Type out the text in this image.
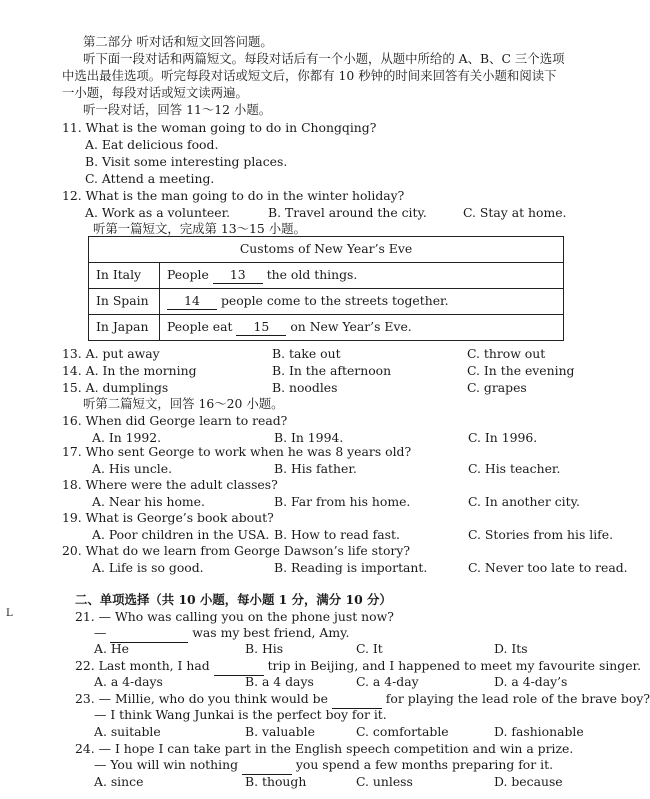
第二部分 听对话和短文回答问题。
听下面一段对话和两篇短文。每段对话后有一个小题，从题中所给的 A、B、C 三个选项
中选出最佳选项。听完每段对话或短文后，你都有 10 秒钟的时间来回答有关小题和阅读下
一小题，每段对话或短文读两遍。
听一段对话，回答 11～12 小题。
11. What is the woman going to do in Chongqing?
A. Eat delicious food.
B. Visit some interesting places.
C. Attend a meeting.
12. What is the man going to do in the winter holiday?
A. Work as a volunteer.	B. Travel around the city.	C. Stay at home.
听第一篇短文，完成第 13～15 小题。
Customs of New Year’s Eve	
In Italy	People 13 the old things.
In Spain	14 people come to the streets together.
In Japan	People eat 15 on New Year’s Eve.
13. A. put away	B. take out	C. throw out
14. A. In the morning	B. In the afternoon	C. In the evening
15. A. dumplings	B. noodles	C. grapes
听第二篇短文，回答 16～20 小题。
16. When did George learn to read?
A. In 1992.	B. In 1994.	C. In 1996.
17. Who sent George to work when he was 8 years old?
A. His uncle.	B. His father.	C. His teacher.
18. Where were the adult classes?
A. Near his home.	B. Far from his home.	C. In another city.
19. What is George’s book about?
A. Poor children in the USA. B. How to read fast.	C. Stories from his life.
20. What do we learn from George Dawson’s life story?
A. Life is so good.	B. Reading is important.	C. Never too late to read.
L
二、单项选择（共 10 小题，每小题 1 分，满分 10 分）
21. — Who was calling you on the phone just now?
—	was my best friend, Amy.
A. He	B. His	C. It	D. Its
22. Last month, I had	trip in Beijing, and I happened to meet my favourite singer.
A. a 4-days	B. a 4 days	C. a 4-day	D. a 4-day’s
23. — Millie, who do you think would be	for playing the lead role of the brave boy?
— I think Wang Junkai is the perfect boy for it.
A. suitable	B. valuable	C. comfortable	D. fashionable
24. — I hope I can take part in the English speech competition and win a prize.
— You will win nothing	you spend a few months preparing for it.
A. since	B. though	C. unless	D. because
